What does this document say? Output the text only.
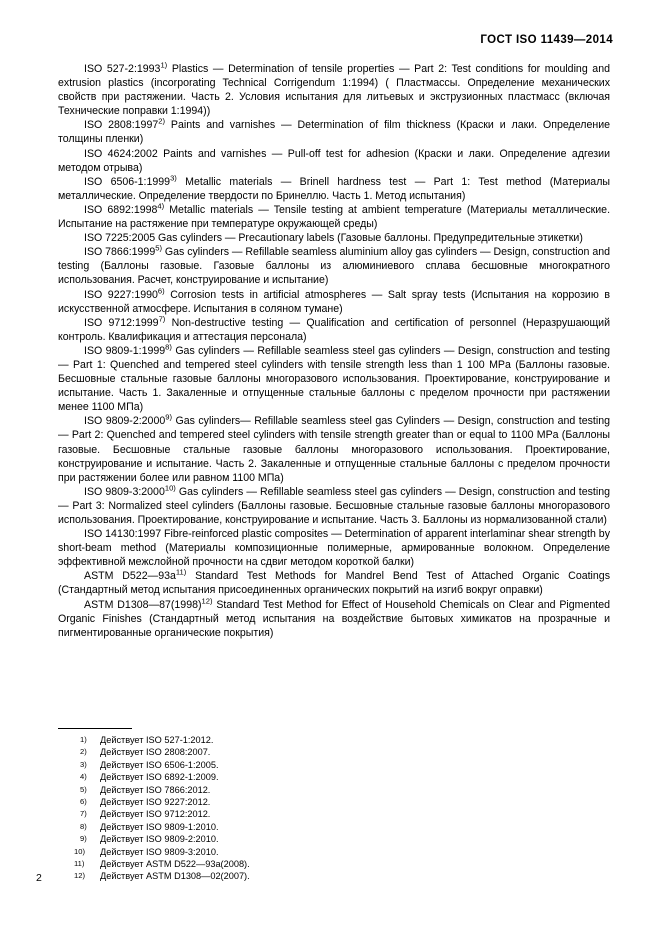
ГОСТ ISO 11439—2014

ISO 527-2:1993$^{1)}$ Plastics — Determination of tensile properties — Part 2: Test conditions for moulding and extrusion plastics (incorporating Technical Corrigendum 1:1994) ( Пластмассы. Определение механических свойств при растяжении. Часть 2. Условия испытания для литьевых и экструзионных пластмасс (включая Технические поправки 1:1994))

ISO 2808:1997$^{2)}$ Paints and varnishes — Determination of film thickness (Краски и лаки. Определение толщины пленки)

ISO 4624:2002 Paints and varnishes — Pull-off test for adhesion (Краски и лаки. Определение адгезии методом отрыва)

ISO 6506-1:1999$^{3)}$ Metallic materials — Brinell hardness test — Part 1: Test method (Материалы металлические. Определение твердости по Бринеллю. Часть 1. Метод испытания)

ISO 6892:1998$^{4)}$ Metallic materials — Tensile testing at ambient temperature (Материалы металлические. Испытание на растяжение при температуре окружающей среды)

ISO 7225:2005 Gas cylinders — Precautionary labels (Газовые баллоны. Предупредительные этикетки)

ISO 7866:1999$^{5)}$ Gas cylinders — Refillable seamless aluminium alloy gas cylinders — Design, construction and testing (Баллоны газовые. Газовые баллоны из алюминиевого сплава бесшовные многократного использования. Расчет, конструирование и испытание)

ISO 9227:1990$^{6)}$ Corrosion tests in artificial atmospheres — Salt spray tests (Испытания на коррозию в искусственной атмосфере. Испытания в соляном тумане)

ISO 9712:1999$^{7)}$ Non-destructive testing — Qualification and certification of personnel (Неразрушающий контроль. Квалификация и аттестация персонала)

ISO 9809-1:1999$^{8)}$ Gas cylinders — Refillable seamless steel gas cylinders — Design, construction and testing — Part 1: Quenched and tempered steel cylinders with tensile strength less than 1 100 MPa (Баллоны газовые. Бесшовные стальные газовые баллоны многоразового использования. Проектирование, конструирование и испытание. Часть 1. Закаленные и отпущенные стальные баллоны с пределом прочности при растяжении менее 1100 МПа)

ISO 9809-2:2000$^{9)}$ Gas cylinders— Refillable seamless steel gas Cylinders — Design, construction and testing — Part 2: Quenched and tempered steel cylinders with tensile strength greater than or equal to 1100 MPa (Баллоны газовые. Бесшовные стальные газовые баллоны многоразового использования. Проектирование, конструирование и испытание. Часть 2. Закаленные и отпущенные стальные баллоны с пределом прочности при растяжении более или равном 1100 МПа)

ISO 9809-3:2000$^{10)}$ Gas cylinders — Refillable seamless steel gas cylinders — Design, construction and testing — Part 3: Normalized steel cylinders (Баллоны газовые. Бесшовные стальные газовые баллоны многоразового использования. Проектирование, конструирование и испытание. Часть 3. Баллоны из нормализованной стали)

ISO 14130:1997 Fibre-reinforced plastic composites — Determination of apparent interlaminar shear strength by short-beam method (Материалы композиционные полимерные, армированные волокном. Определение эффективной межслойной прочности на сдвиг методом короткой балки)

ASTM $D522—93a^{11)}$ Standard Test Methods for Mandrel Bend Test of Attached Organic Coatings (Стандартный метод испытания присоединенных органических покрытий на изгиб вокруг оправки)

ASTM $D1308—87(1998)^{12)}$ Standard Test Method for Effect of Household Chemicals on Clear and Pigmented Organic Finishes (Стандартный метод испытания на воздействие бытовых химикатов на прозрачные и пигментированные органические покрытия)

1) Действует ISO 527-1:2012.
2) Действует ISO 2808:2007.
3) Действует ISO 6506-1:2005.
4) Действует ISO 6892-1:2009.
5) Действует ISO 7866:2012.
6) Действует ISO 9227:2012.
7) Действует ISO 9712:2012.
8) Действует ISO 9809-1:2010.
9) Действует ISO 9809-2:2010.
10) Действует ISO 9809-3:2010.
11) Действует ASTM D522—93a(2008).
12) Действует ASTM D1308—02(2007).
2
